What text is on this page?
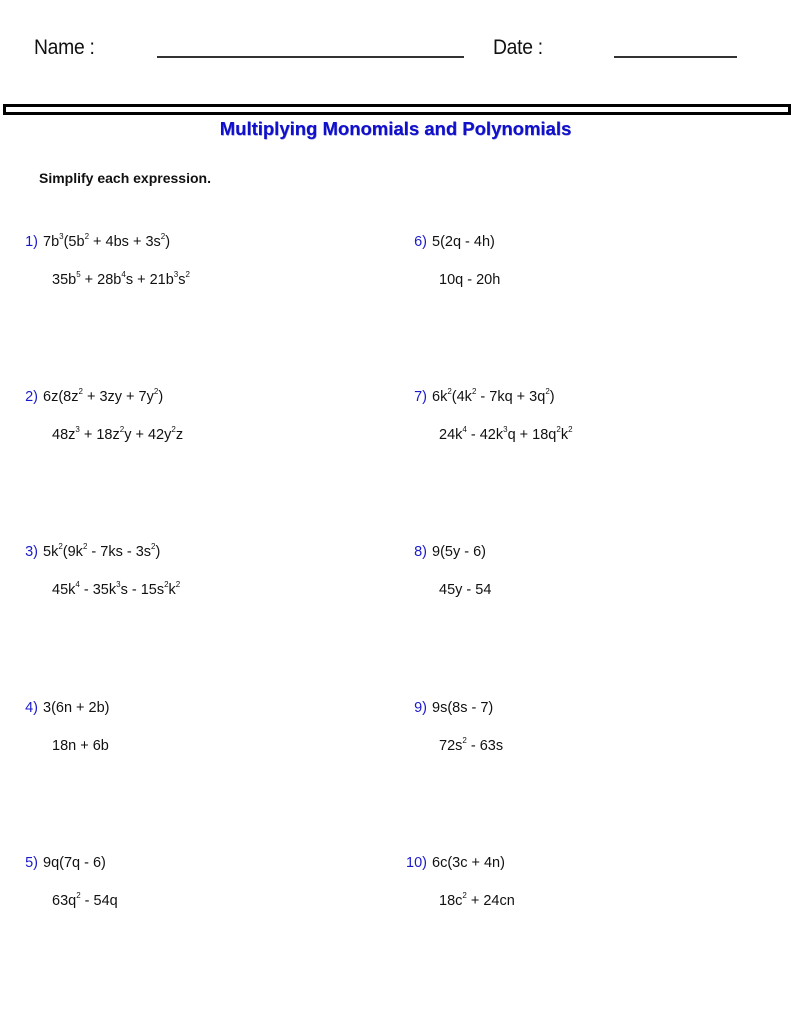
Name :	Date :
Multiplying Monomials and Polynomials
Simplify each expression.
1) $7b^3(5b^2 + 4bs + 3s^2)$
$35b^5 + 28b^4s + 21b^3s^2$
2) $6z(8z^2 + 3zy + 7y^2)$
$48z^3 + 18z^2y + 42y^2z$
3) $5k^2(9k^2 - 7ks - 3s^2)$
$45k^4 - 35k^3s - 15s^2k^2$
4) 3(6n + 2b)
18n + 6b
5) 9q(7q - 6)
$63q^2 - 54q$
6) 5(2q - 4h)
10q - 20h
7) $6k^2(4k^2 - 7kq + 3q^2)$
$24k^4 - 42k^3q + 18q^2k^2$
8) 9(5y - 6)
45y - 54
9) 9s(8s - 7)
$72s^2 - 63s$
10) 6c(3c + 4n)
$18c^2 + 24cn$
